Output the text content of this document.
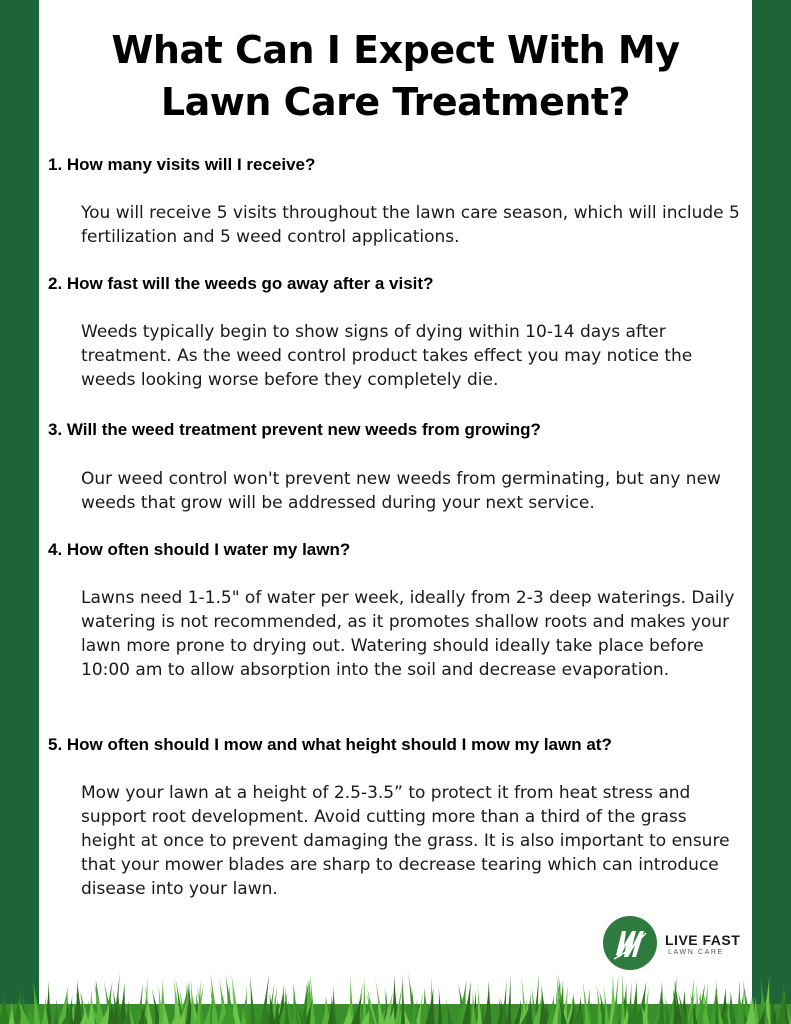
What Can I Expect With My
Lawn Care Treatment?

1. How many visits will I receive?

You will receive 5 visits throughout the lawn care season, which will include 5 fertilization and 5 weed control applications.

2. How fast will the weeds go away after a visit?

Weeds typically begin to show signs of dying within 10-14 days after treatment. As the weed control product takes effect you may notice the weeds looking worse before they completely die.

3. Will the weed treatment prevent new weeds from growing?

Our weed control won't prevent new weeds from germinating, but any new weeds that grow will be addressed during your next service.

4. How often should I water my lawn?

Lawns need 1-1.5" of water per week, ideally from 2-3 deep waterings. Daily watering is not recommended, as it promotes shallow roots and makes your lawn more prone to drying out. Watering should ideally take place before 10:00 am to allow absorption into the soil and decrease evaporation.

5. How often should I mow and what height should I mow my lawn at?

Mow your lawn at a height of 2.5-3.5” to protect it from heat stress and support root development. Avoid cutting more than a third of the grass height at once to prevent damaging the grass. It is also important to ensure that your mower blades are sharp to decrease tearing which can introduce disease into your lawn.

LIVE FAST
LAWN CARE
